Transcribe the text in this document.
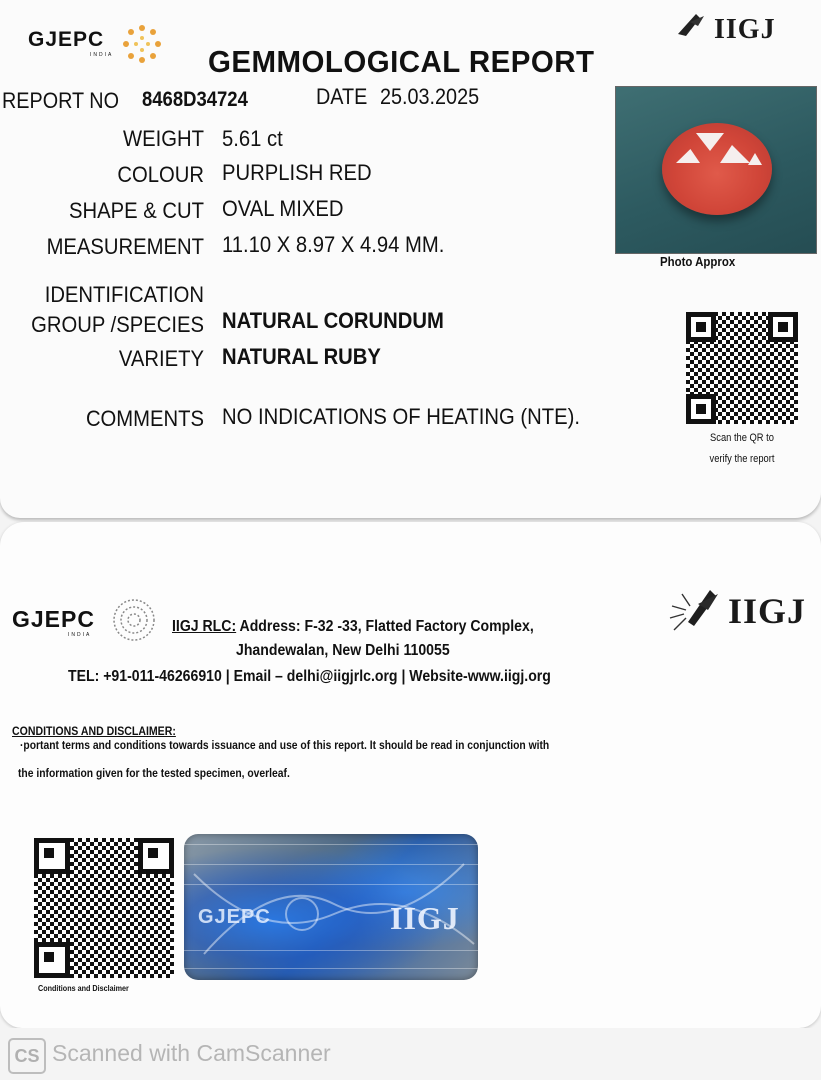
GJEPC
INDIA
IIGJ
GEMMOLOGICAL REPORT
REPORT NO 8468D34724	DATE 25.03.2025
WEIGHT 5.61 ct
COLOUR PURPLISH RED
SHAPE & CUT OVAL MIXED
MEASUREMENT 11.10 X 8.97 X 4.94 MM.
IDENTIFICATION
GROUP /SPECIES NATURAL CORUNDUM
VARIETY NATURAL RUBY
COMMENTS NO INDICATIONS OF HEATING (NTE).
Photo Approx
Scan the QR to
verify the report
GJEPC
INDIA
IIGJ
IIGJ RLC: Address: F-32 -33, Flatted Factory Complex,
Jhandewalan, New Delhi 110055
TEL: +91-011-46266910 | Email – delhi@iigjrlc.org | Website-www.iigj.org
CONDITIONS AND DISCLAIMER:
·portant terms and conditions towards issuance and use of this report. It should be read in conjunction with
the information given for the tested specimen, overleaf.
Conditions and Disclaimer
GJEPC	IIGJ
CS Scanned with CamScanner
